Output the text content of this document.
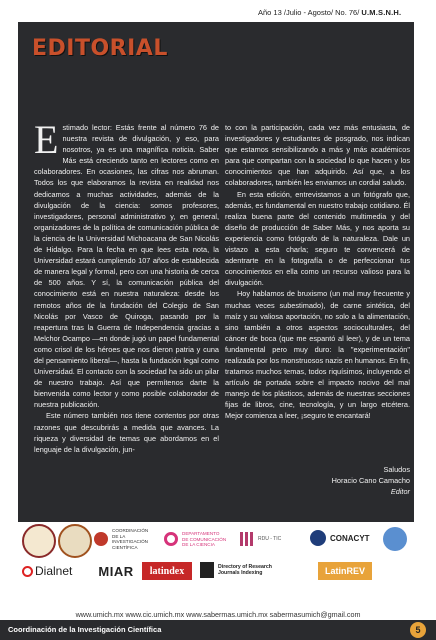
Año 13 /Julio - Agosto/ No. 76/ U.M.S.N.H.
EDITORIAL
E stimado lector: Estás frente al número 76 de nuestra revista de divulgación, y eso, para nosotros, ya es una magnífica noticia. Saber Más está creciendo tanto en lectores como en colaboradores. En ocasiones, las cifras nos abruman. Todos los que elaboramos la revista en realidad nos dedicamos a muchas actividades, además de la divulgación de la ciencia: somos profesores, investigadores, personal administrativo y, en general, organizadores de la política de comunicación pública de la ciencia de la Universidad Michoacana de San Nicolás de Hidalgo. Para la fecha en que lees esta nota, la Universidad estará cumpliendo 107 años de establecida de manera legal y formal, pero con una historia de cerca de 500 años. Y sí, la comunicación pública del conocimiento está en nuestra naturaleza: desde los remotos años de la fundación del Colegio de San Nicolás por Vasco de Quiroga, pasando por la reapertura tras la Guerra de Independencia gracias a Melchor Ocampo —en donde jugó un papel fundamental como crisol de los héroes que nos dieron patria y cuna del pensamiento liberal—, hasta la fundación legal como Universidad. El contacto con la sociedad ha sido un pilar de nuestro trabajo. Así que permítenos darte la bienvenida como lector y como posible colaborador de nuestra publicación.

Este número también nos tiene contentos por otras razones que descubrirás a medida que avances. La riqueza y diversidad de temas que abordamos en el lenguaje de la divulgación, jun-

to con la participación, cada vez más entusiasta, de investigadores y estudiantes de posgrado, nos indican que estamos sensibilizando a más y más académicos para que compartan con la sociedad lo que hacen y los conocimientos que han adquirido. Así que, a los colaboradores, también les enviamos un cordial saludo.

En esta edición, entrevistamos a un fotógrafo que, además, es fundamental en nuestro trabajo cotidiano. Él realiza buena parte del contenido multimedia y del diseño de producción de Saber Más, y nos aporta su experiencia como fotógrafo de la naturaleza. Dale un vistazo a esta charla; seguro te convencerá de adentrarte en la fotografía o de perfeccionar tus conocimientos en ella como un recurso valioso para la divulgación.

Hoy hablamos de bruxismo (un mal muy frecuente y muchas veces subestimado), de carne sintética, del maíz y su valiosa aportación, no solo a la alimentación, sino también a otros aspectos socioculturales, del cáncer de boca (que me espantó al leer), y de un tema fundamental pero muy duro: la "experimentación" realizada por los monstruosos nazis en humanos. En fin, tratamos muchos temas, todos riquísimos, incluyendo el artículo de portada sobre el impacto nocivo del mal manejo de los plásticos, además de nuestras secciones fijas de libros, cine, tecnología, y un largo etcétera. Mejor comienza a leer, ¡seguro te encantará!

Saludos
Horacio Cano Camacho
Editor
COORDINACIÓN
DE LA INVESTIGACIÓN
CIENTÍFICA
DEPARTAMENTO
DE COMUNICACIÓN
DE LA CIENCIA
RDU - TIC	CONACYT
Dialnet MIAR latindex	Directory of Research
Journals Indexing	LatinREV
www.umich.mx www.cic.umich.mx www.sabermas.umich.mx sabermasumich@gmail.com
Coordinación de la Investigación Científica	5
